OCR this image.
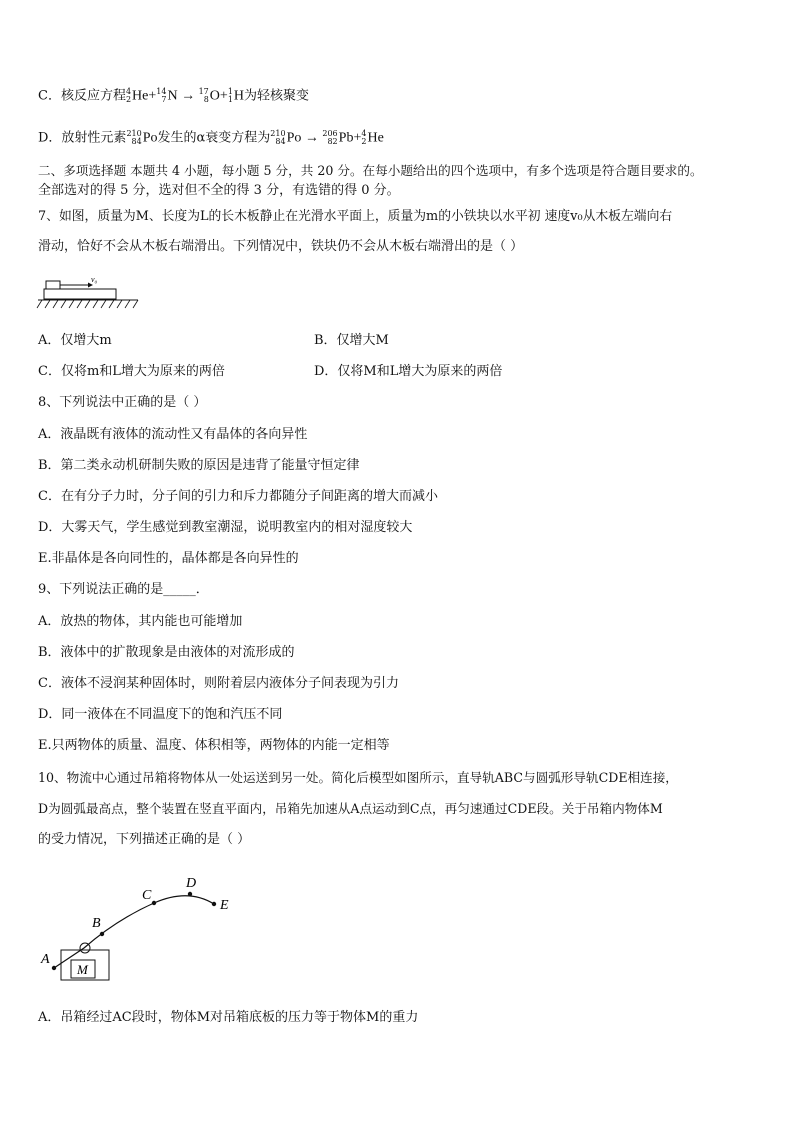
C．核反应方程 4
2 He+ 14
7 N → 17
8 O+ 1
1 H为轻核聚变
D．放射性元素 210
84 Po发生的α衰变方程为 210
84 Po → 206
82 Pb+ 4
2 He
二、多项选择题 本题共 4 小题，每小题 5 分，共 20 分。在每小题给出的四个选项中，有多个选项是符合题目要求的。
全部选对的得 5 分，选对但不全的得 3 分，有选错的得 0 分。
7、如图，质量为M、长度为L的长木板静止在光滑水平面上，质量为m的小铁块以水平初 速度v₀从木板左端向右
滑动，恰好不会从木板右端滑出。下列情况中，铁块仍不会从木板右端滑出的是（ ）
v₀
A．仅增大m	B．仅增大M
C．仅将m和L增大为原来的两倍	D．仅将M和L增大为原来的两倍
8、下列说法中正确的是（ ）
A．液晶既有液体的流动性又有晶体的各向异性
B．第二类永动机研制失败的原因是违背了能量守恒定律
C．在有分子力时，分子间的引力和斥力都随分子间距离的增大而减小
D．大雾天气，学生感觉到教室潮湿，说明教室内的相对湿度较大
E.非晶体是各向同性的，晶体都是各向异性的
9、下列说法正确的是_____．
A．放热的物体，其内能也可能增加
B．液体中的扩散现象是由液体的对流形成的
C．液体不浸润某种固体时，则附着层内液体分子间表现为引力
D．同一液体在不同温度下的饱和汽压不同
E.只两物体的质量、温度、体积相等，两物体的内能一定相等
10、物流中心通过吊箱将物体从一处运送到另一处。简化后模型如图所示，直导轨ABC与圆弧形导轨CDE相连接，
D为圆弧最高点，整个装置在竖直平面内，吊箱先加速从A点运动到C点，再匀速通过CDE段。关于吊箱内物体M
的受力情况，下列描述正确的是（ ）
M
A
B
C
D
E
A．吊箱经过AC段时，物体M对吊箱底板的压力等于物体M的重力
